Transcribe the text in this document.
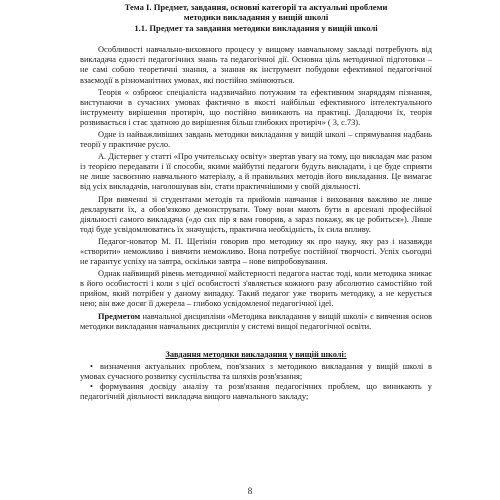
Тема I. Предмет, завдання, основні категорії та актуальні проблеми

методики викладання у вищій школі

1.1. Предмет та завдання методики викладання у вищій школі

Особливості навчально-виховного процесу у вищому навчальному закладі потребують від викладача єдності педагогічних знань та педагогічної дії. Основна ціль методичної підготовки – не самі собою теоретичні знання, а знання як інструмент побудови ефективної педагогічної взаємодії в різноманітних умовах, які постійно змінюються.

Теорія « озброює спеціаліста надзвичайно потужним та ефективним знаряддям пізнання, виступаючи в сучасних умовах фактично в якості найбільш ефективного інтелектуального інструменту вирішення протиріч, що постійно виникають на практиці. Доладючи їх, теорія розвивається і стає здатною до вирішення більш глибоких протиріч» ( 3, с.73).

Одне із найважливіших завдань методики викладання у вищій школі – спрямування надбань теорії у практичне русло.

А. Дістервег у статті «Про учительську освіту» звертав увагу на тому, що викладач має разом із теорією передавати і її способи, якими майбутні педагоги будуть викладати, і це буде сприяти не лише засвоєнню навчального матеріалу, а й правильних методів його викладання. Це вимагає від усіх викладачів, наголошував він, стати практичнішими у своїй діяльності.

При вивченні зі студентами методів та прийомів навчання і виховання важливо не лише декларувати їх, а обов'язково демонструвати. Тому вони мають бути в арсеналі професійної діяльності самого викладача («до сих пір я вам говорив, а зараз покажу, як це робиться»). Лише тоді буде усвідомлюватись їх значущість, практична необхідність, їх сила впливу.

Педагог-новатор М. П. Щетінін говорив про методику як про науку, яку раз і назавжди «створити» неможливо і вивчити неможливо. Вона потребує постійної творчості. Успіх сьогодні не гарантує успіху на завтра, оскільки завтра – нове випробовування.

Однак найвищий рівень методичної майстерності педагога настає тоді, коли методика зникає в його особистості і коли з цієї особистості з'являється кожного разу абсолютно самостійно той прийом, який потрібен у даному випадку. Такий педагог уже творить методику, а не керується нею; він вже досяг її джерела – глибоко усвідомленої педагогічної ідеї.

Предметом навчальної дисципліни «Методика викладання у вищій школі» є вивчення основ методики викладання навчальних дисциплін у системі вищої педагогічної освіти.

Завдання методики викладання у вищій школі:

• визначення актуальних проблем, пов'язаних з методикою викладання у вищій школі в умовах сучасного розвитку суспільства та шляхів розв'язання;
• формування досвіду аналізу та розв'язання педагогічних проблем, що виникають у педагогічній діяльності викладача вищого навчального закладу;
8
